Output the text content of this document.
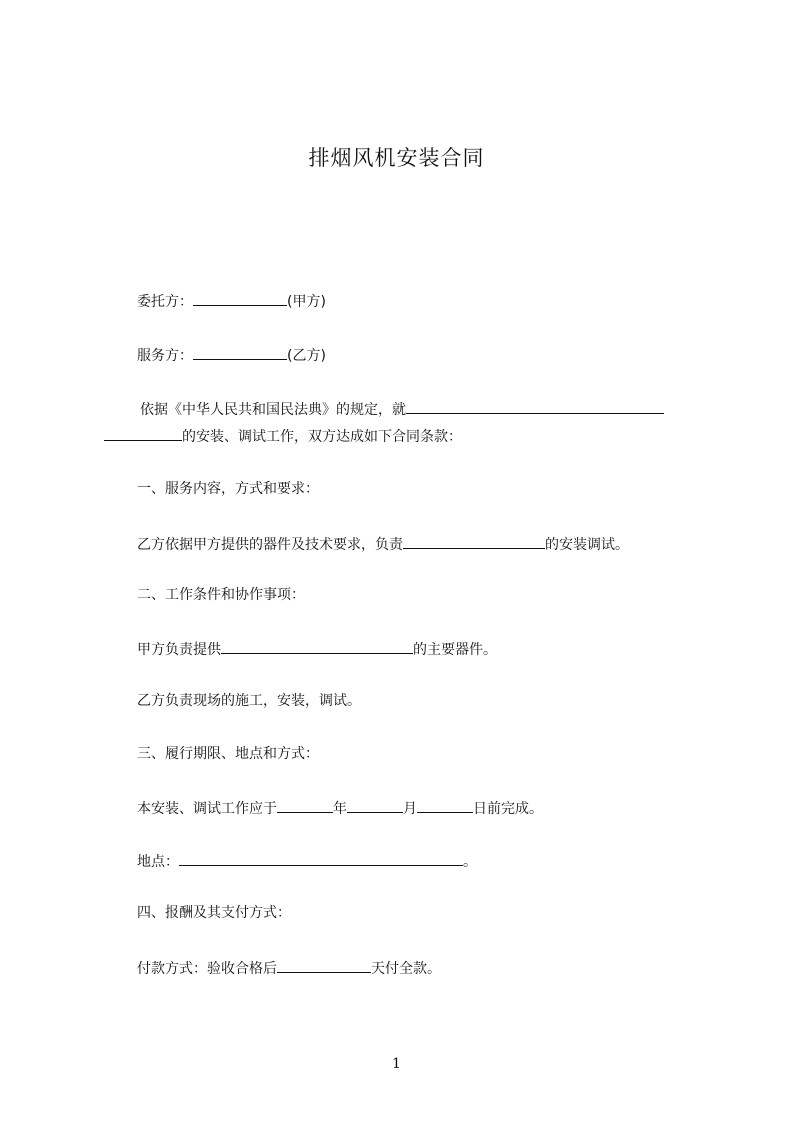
排烟风机安装合同
委托方：	(甲方)
服务方：	(乙方)
依据《中华人民共和国民法典》的规定，就
的安装、调试工作，双方达成如下合同条款：
一、服务内容，方式和要求：
乙方依据甲方提供的器件及技术要求，负责	的安装调试。
二、工作条件和协作事项：
甲方负责提供	的主要器件。
乙方负责现场的施工，安装，调试。
三、履行期限、地点和方式：
本安装、调试工作应于	年	月	日前完成。
地点：	。
四、报酬及其支付方式：
付款方式：验收合格后	天付全款。
1
